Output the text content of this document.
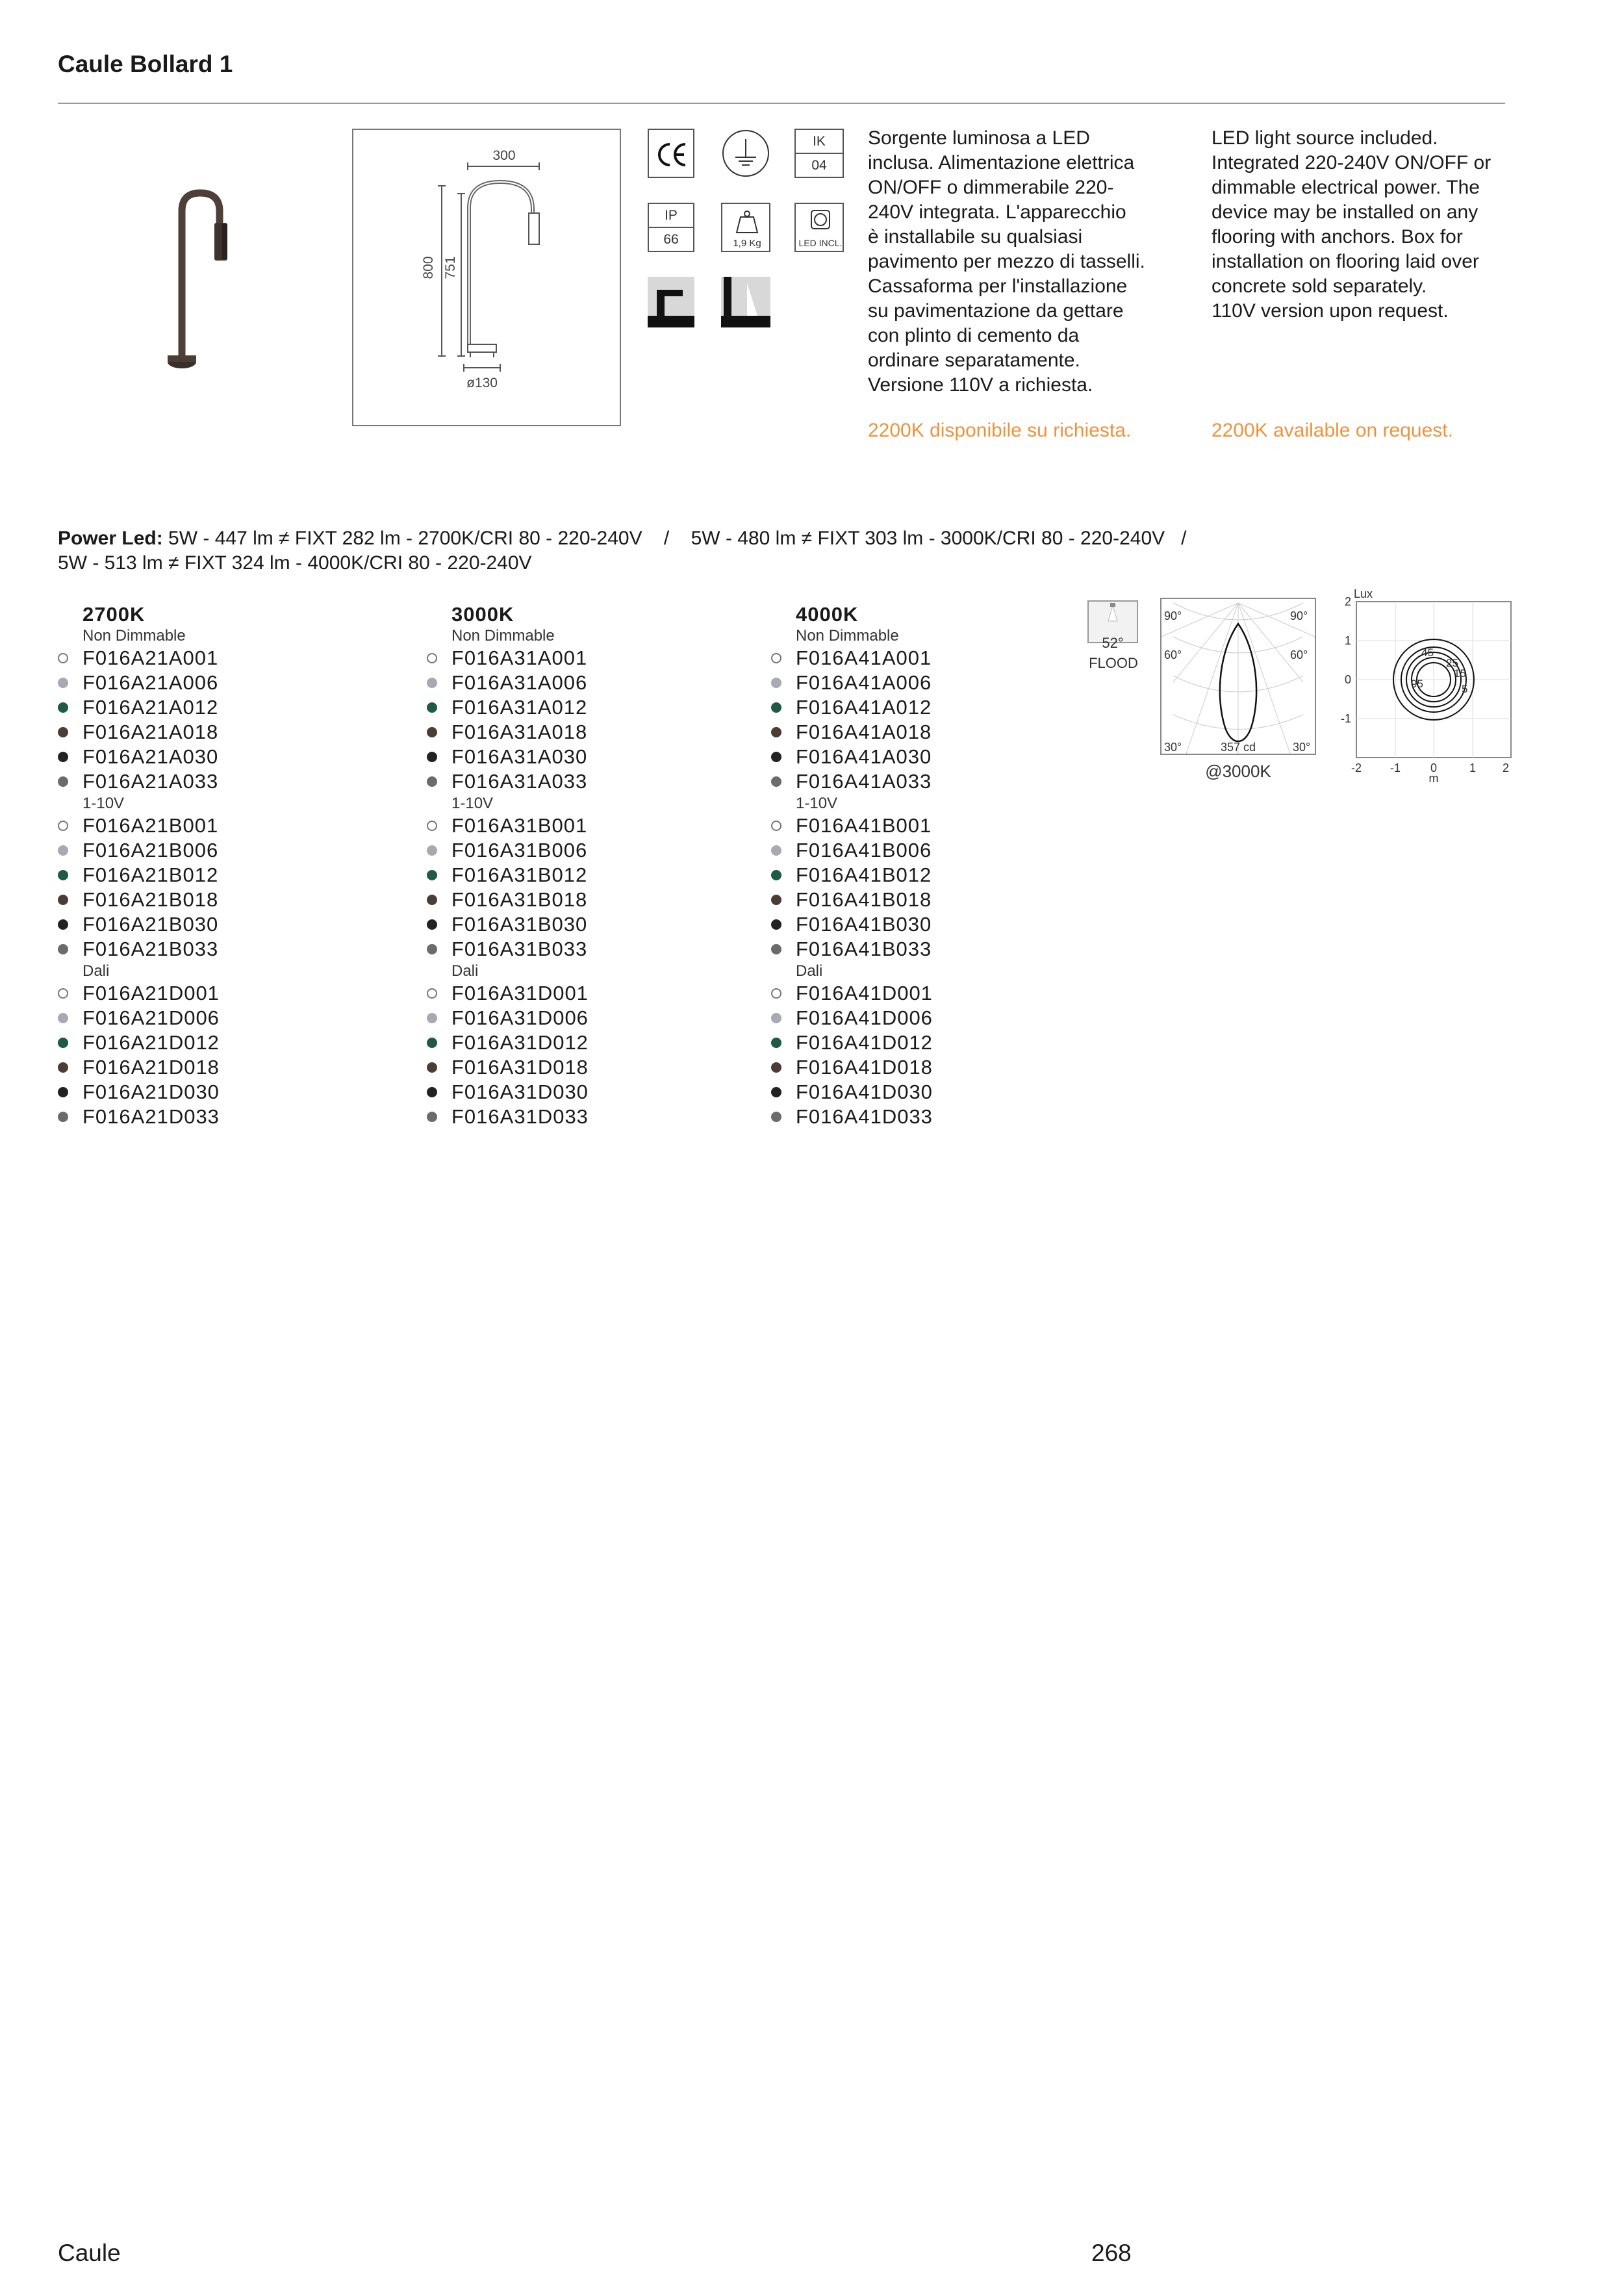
Caule Bollard 1
300
800 751
ø130
IK
04
IP
66	1,9 Kg	LED INCL.
Sorgente luminosa a LED
inclusa. Alimentazione elettrica
ON/OFF o dimmerabile 220-
240V integrata. L'apparecchio
è installabile su qualsiasi
pavimento per mezzo di tasselli.
Cassaforma per l'installazione
su pavimentazione da gettare
con plinto di cemento da
ordinare separatamente.
Versione 110V a richiesta.
LED light source included.
Integrated 220-240V ON/OFF or
dimmable electrical power. The
device may be installed on any
flooring with anchors. Box for
installation on flooring laid over
concrete sold separately.
110V version upon request.
2200K disponibile su richiesta.	2200K available on request.
Power Led: 5W - 447 lm ≠ FIXT 282 lm - 2700K/CRI 80 - 220-240V    /    5W - 480 lm ≠ FIXT 303 lm - 3000K/CRI 80 - 220-240V   /
5W - 513 lm ≠ FIXT 324 lm - 4000K/CRI 80 - 220-240V
2700K
Non Dimmable
F016A21A001
F016A21A006
F016A21A012
F016A21A018
F016A21A030
F016A21A033
1-10V
F016A21B001
F016A21B006
F016A21B012
F016A21B018
F016A21B030
F016A21B033
Dali
F016A21D001
F016A21D006
F016A21D012
F016A21D018
F016A21D030
F016A21D033
3000K
Non Dimmable
F016A31A001
F016A31A006
F016A31A012
F016A31A018
F016A31A030
F016A31A033
1-10V
F016A31B001
F016A31B006
F016A31B012
F016A31B018
F016A31B030
F016A31B033
Dali
F016A31D001
F016A31D006
F016A31D012
F016A31D018
F016A31D030
F016A31D033
4000K
Non Dimmable
F016A41A001
F016A41A006
F016A41A012
F016A41A018
F016A41A030
F016A41A033
1-10V
F016A41B001
F016A41B006
F016A41B012
F016A41B018
F016A41B030
F016A41B033
Dali
F016A41D001
F016A41D006
F016A41D012
F016A41D018
F016A41D030
F016A41D033
52°
FLOOD
90°	90°
60°	60°
30°	30°
357 cd
@3000K
Lux
2
1
0
-1
-2 -1	0	1 2
m
45
25
15
5
95
Caule	268
